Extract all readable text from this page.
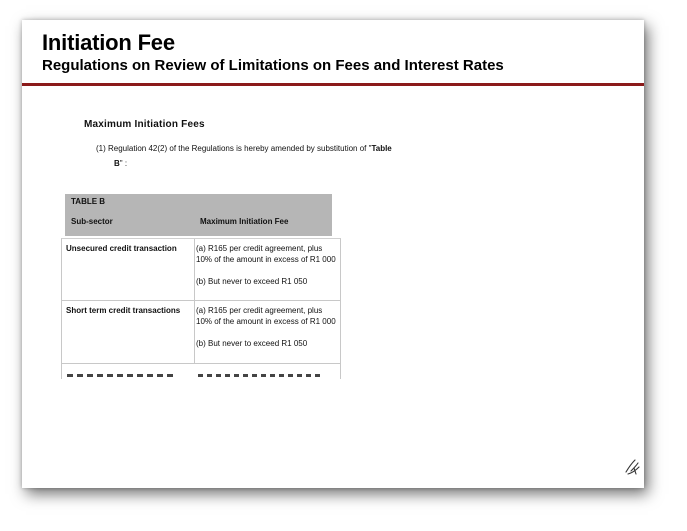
Initiation Fee
Regulations on Review of Limitations on Fees and Interest Rates
Maximum Initiation Fees
(1) Regulation 42(2) of the Regulations is hereby amended by substitution of "Table
B" :
TABLE B
Sub-sector	Maximum Initiation Fee
Unsecured credit transaction	(a) R165 per credit agreement, plus 10% of the amount in excess of R1 000
(b) But never to exceed R1 050
Short term credit transactions	(a) R165 per credit agreement, plus 10% of the amount in excess of R1 000
(b) But never to exceed R1 050
